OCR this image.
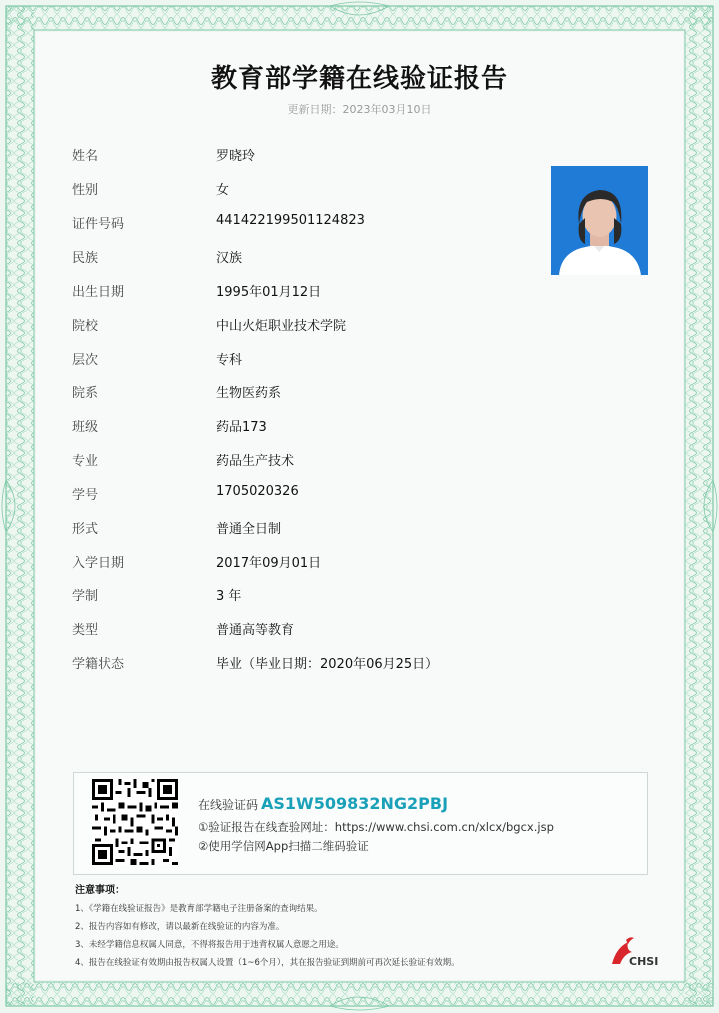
教育部学籍在线验证报告
更新日期：2023年03月10日
姓名	罗晓玲
性别	女
证件号码	441422199501124823
民族	汉族
出生日期	1995年01月12日
院校	中山火炬职业技术学院
层次	专科
院系	生物医药系
班级	药品173
专业	药品生产技术
学号	1705020326
形式	普通全日制
入学日期	2017年09月01日
学制	3 年
类型	普通高等教育
学籍状态	毕业（毕业日期：2020年06月25日）
在线验证码 AS1W509832NG2PBJ
①验证报告在线查验网址：https://www.chsi.com.cn/xlcx/bgcx.jsp
②使用学信网App扫描二维码验证
注意事项：
1、《学籍在线验证报告》是教育部学籍电子注册备案的查询结果。
2、报告内容如有修改，请以最新在线验证的内容为准。
3、未经学籍信息权属人同意，不得将报告用于违背权属人意愿之用途。
4、报告在线验证有效期由报告权属人设置（1~6个月），其在报告验证到期前可再次延长验证有效期。	CHSI
